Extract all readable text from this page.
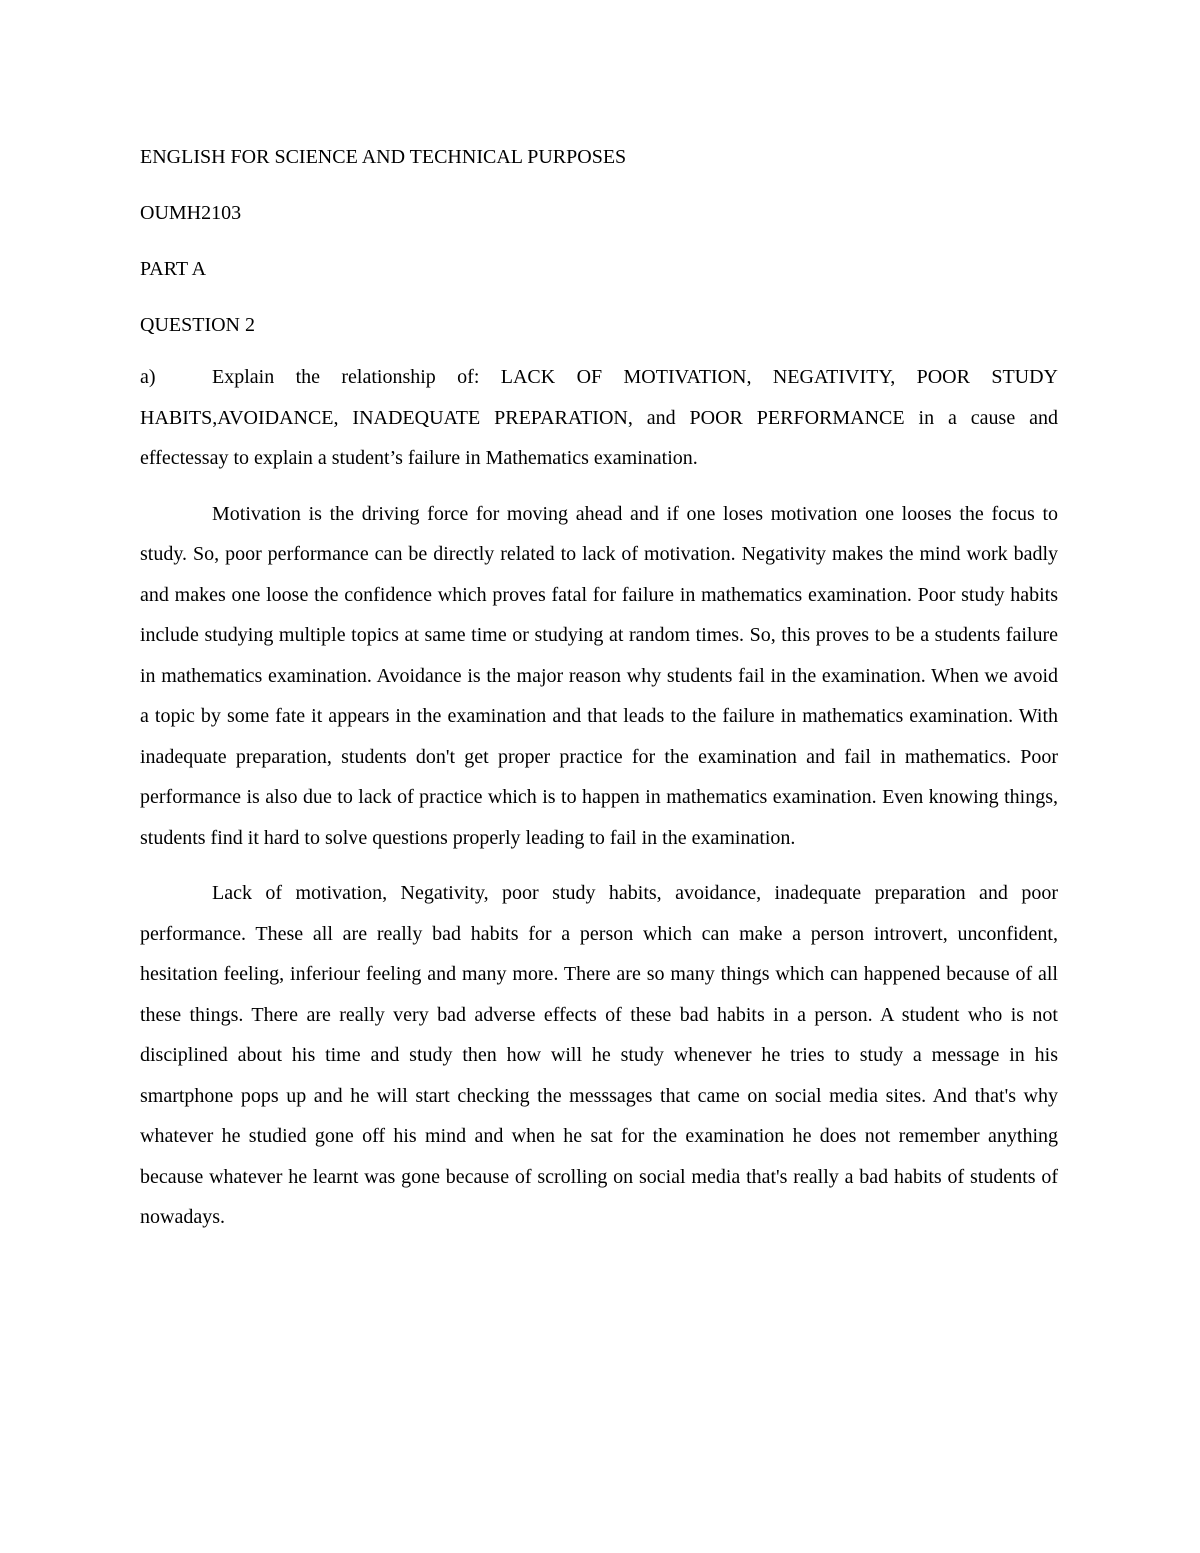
ENGLISH FOR SCIENCE AND TECHNICAL PURPOSES

OUMH2103

PART A

QUESTION 2

a)	Explain the relationship of: LACK OF MOTIVATION, NEGATIVITY, POOR STUDY HABITS,AVOIDANCE, INADEQUATE PREPARATION, and POOR PERFORMANCE in a cause and effectessay to explain a student’s failure in Mathematics examination.

Motivation is the driving force for moving ahead and if one loses motivation one looses the focus to study. So, poor performance can be directly related to lack of motivation. Negativity makes the mind work badly and makes one loose the confidence which proves fatal for failure in mathematics examination. Poor study habits include studying multiple topics at same time or studying at random times. So, this proves to be a students failure in mathematics examination. Avoidance is the major reason why students fail in the examination. When we avoid a topic by some fate it appears in the examination and that leads to the failure in mathematics examination. With inadequate preparation, students don't get proper practice for the examination and fail in mathematics. Poor performance is also due to lack of practice which is to happen in mathematics examination. Even knowing things, students find it hard to solve questions properly leading to fail in the examination.

Lack of motivation, Negativity, poor study habits, avoidance, inadequate preparation and poor performance. These all are really bad habits for a person which can make a person introvert, unconfident, hesitation feeling, inferiour feeling and many more. There are so many things which can happened because of all these things. There are really very bad adverse effects of these bad habits in a person. A student who is not disciplined about his time and study then how will he study whenever he tries to study a message in his smartphone pops up and he will start checking the messsages that came on social media sites. And that's why whatever he studied gone off his mind and when he sat for the examination he does not remember anything because whatever he learnt was gone because of scrolling on social media that's really a bad habits of students of nowadays.
